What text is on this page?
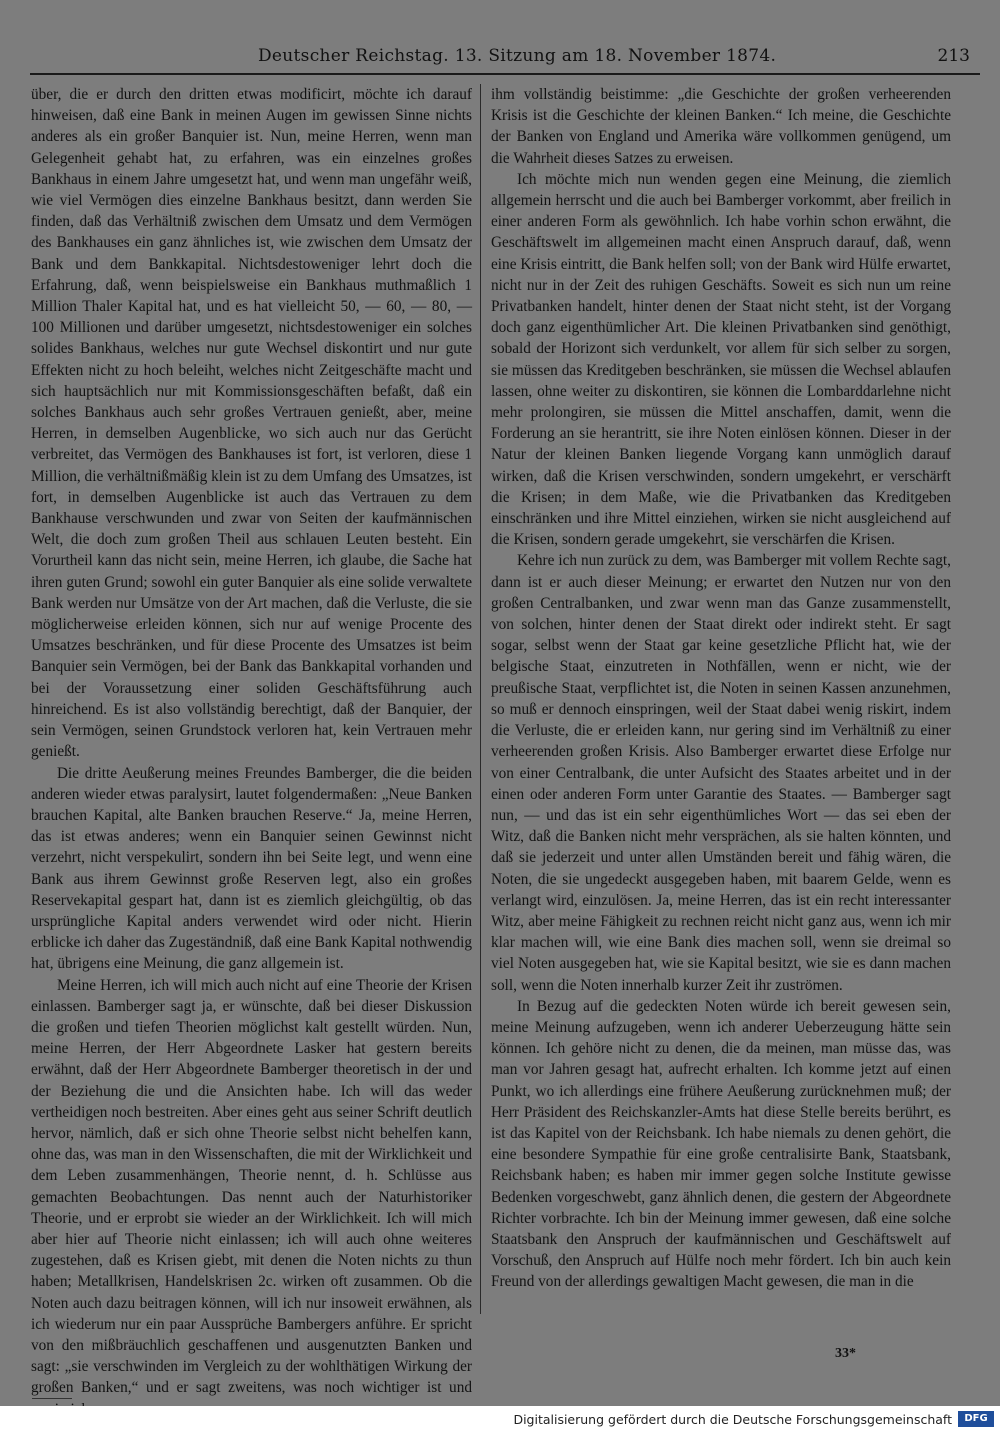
Deutscher Reichstag. 13. Sitzung am 18. November 1874.	213

über, die er durch den dritten etwas modificirt, möchte ich darauf hinweisen, daß eine Bank in meinen Augen im gewissen Sinne nichts anderes als ein großer Banquier ist. Nun, meine Herren, wenn man Gelegenheit gehabt hat, zu erfahren, was ein einzelnes großes Bankhaus in einem Jahre umgesetzt hat, und wenn man ungefähr weiß, wie viel Vermögen dies einzelne Bankhaus besitzt, dann werden Sie finden, daß das Verhältniß zwischen dem Umsatz und dem Vermögen des Bankhauses ein ganz ähnliches ist, wie zwischen dem Umsatz der Bank und dem Bankkapital. Nichtsdestoweniger lehrt doch die Erfahrung, daß, wenn beispielsweise ein Bankhaus muthmaßlich 1 Million Thaler Kapital hat, und es hat vielleicht 50, — 60, — 80, — 100 Millionen und darüber umgesetzt, nichtsdestoweniger ein solches solides Bankhaus, welches nur gute Wechsel diskontirt und nur gute Effekten nicht zu hoch beleiht, welches nicht Zeitgeschäfte macht und sich hauptsächlich nur mit Kommissionsgeschäften befaßt, daß ein solches Bankhaus auch sehr großes Vertrauen genießt, aber, meine Herren, in demselben Augenblicke, wo sich auch nur das Gerücht verbreitet, das Vermögen des Bankhauses ist fort, ist verloren, diese 1 Million, die verhältnißmäßig klein ist zu dem Umfang des Umsatzes, ist fort, in demselben Augenblicke ist auch das Vertrauen zu dem Bankhause verschwunden und zwar von Seiten der kaufmännischen Welt, die doch zum großen Theil aus schlauen Leuten besteht. Ein Vorurtheil kann das nicht sein, meine Herren, ich glaube, die Sache hat ihren guten Grund; sowohl ein guter Banquier als eine solide verwaltete Bank werden nur Umsätze von der Art machen, daß die Verluste, die sie möglicherweise erleiden können, sich nur auf wenige Procente des Umsatzes beschränken, und für diese Procente des Umsatzes ist beim Banquier sein Vermögen, bei der Bank das Bankkapital vorhanden und bei der Voraussetzung einer soliden Geschäftsführung auch hinreichend. Es ist also vollständig berechtigt, daß der Banquier, der sein Vermögen, seinen Grundstock verloren hat, kein Vertrauen mehr genießt.

Die dritte Aeußerung meines Freundes Bamberger, die die beiden anderen wieder etwas paralysirt, lautet folgendermaßen: „Neue Banken brauchen Kapital, alte Banken brauchen Reserve.“ Ja, meine Herren, das ist etwas anderes; wenn ein Banquier seinen Gewinnst nicht verzehrt, nicht verspekulirt, sondern ihn bei Seite legt, und wenn eine Bank aus ihrem Gewinnst große Reserven legt, also ein großes Reservekapital gespart hat, dann ist es ziemlich gleichgültig, ob das ursprüngliche Kapital anders verwendet wird oder nicht. Hierin erblicke ich daher das Zugeständniß, daß eine Bank Kapital nothwendig hat, übrigens eine Meinung, die ganz allgemein ist.

Meine Herren, ich will mich auch nicht auf eine Theorie der Krisen einlassen. Bamberger sagt ja, er wünschte, daß bei dieser Diskussion die großen und tiefen Theorien möglichst kalt gestellt würden. Nun, meine Herren, der Herr Abgeordnete Lasker hat gestern bereits erwähnt, daß der Herr Abgeordnete Bamberger theoretisch in der und der Beziehung die und die Ansichten habe. Ich will das weder vertheidigen noch bestreiten. Aber eines geht aus seiner Schrift deutlich hervor, nämlich, daß er sich ohne Theorie selbst nicht behelfen kann, ohne das, was man in den Wissenschaften, die mit der Wirklichkeit und dem Leben zusammenhängen, Theorie nennt, d. h. Schlüsse aus gemachten Beobachtungen. Das nennt auch der Naturhistoriker Theorie, und er erprobt sie wieder an der Wirklichkeit. Ich will mich aber hier auf Theorie nicht einlassen; ich will auch ohne weiteres zugestehen, daß es Krisen giebt, mit denen die Noten nichts zu thun haben; Metallkrisen, Handelskrisen 2c. wirken oft zusammen. Ob die Noten auch dazu beitragen können, will ich nur insoweit erwähnen, als ich wiederum nur ein paar Aussprüche Bambergers anführe. Er spricht von den mißbräuchlich geschaffenen und ausgenutzten Banken und sagt: „sie verschwinden im Vergleich zu der wohlthätigen Wirkung der großen Banken,“ und er sagt zweitens, was noch wichtiger ist und

ihm vollständig beistimme: „die Geschichte der großen verheerenden Krisis ist die Geschichte der kleinen Banken.“ Ich meine, die Geschichte der Banken von England und Amerika wäre vollkommen genügend, um die Wahrheit dieses Satzes zu erweisen.

Ich möchte mich nun wenden gegen eine Meinung, die ziemlich allgemein herrscht und die auch bei Bamberger vorkommt, aber freilich in einer anderen Form als gewöhnlich. Ich habe vorhin schon erwähnt, die Geschäftswelt im allgemeinen macht einen Anspruch darauf, daß, wenn eine Krisis eintritt, die Bank helfen soll; von der Bank wird Hülfe erwartet, nicht nur in der Zeit des ruhigen Geschäfts. Soweit es sich nun um reine Privatbanken handelt, hinter denen der Staat nicht steht, ist der Vorgang doch ganz eigenthümlicher Art. Die kleinen Privatbanken sind genöthigt, sobald der Horizont sich verdunkelt, vor allem für sich selber zu sorgen, sie müssen das Kreditgeben beschränken, sie müssen die Wechsel ablaufen lassen, ohne weiter zu diskontiren, sie können die Lombarddarlehne nicht mehr prolongiren, sie müssen die Mittel anschaffen, damit, wenn die Forderung an sie herantritt, sie ihre Noten einlösen können. Dieser in der Natur der kleinen Banken liegende Vorgang kann unmöglich darauf wirken, daß die Krisen verschwinden, sondern umgekehrt, er verschärft die Krisen; in dem Maße, wie die Privatbanken das Kreditgeben einschränken und ihre Mittel einziehen, wirken sie nicht ausgleichend auf die Krisen, sondern gerade umgekehrt, sie verschärfen die Krisen.

Kehre ich nun zurück zu dem, was Bamberger mit vollem Rechte sagt, dann ist er auch dieser Meinung; er erwartet den Nutzen nur von den großen Centralbanken, und zwar wenn man das Ganze zusammenstellt, von solchen, hinter denen der Staat direkt oder indirekt steht. Er sagt sogar, selbst wenn der Staat gar keine gesetzliche Pflicht hat, wie der belgische Staat, einzutreten in Nothfällen, wenn er nicht, wie der preußische Staat, verpflichtet ist, die Noten in seinen Kassen anzunehmen, so muß er dennoch einspringen, weil der Staat dabei wenig riskirt, indem die Verluste, die er erleiden kann, nur gering sind im Verhältniß zu einer verheerenden großen Krisis. Also Bamberger erwartet diese Erfolge nur von einer Centralbank, die unter Aufsicht des Staates arbeitet und in der einen oder anderen Form unter Garantie des Staates. — Bamberger sagt nun, — und das ist ein sehr eigenthümliches Wort — das sei eben der Witz, daß die Banken nicht mehr versprächen, als sie halten könnten, und daß sie jederzeit und unter allen Umständen bereit und fähig wären, die Noten, die sie ungedeckt ausgegeben haben, mit baarem Gelde, wenn es verlangt wird, einzulösen. Ja, meine Herren, das ist ein recht interessanter Witz, aber meine Fähigkeit zu rechnen reicht nicht ganz aus, wenn ich mir klar machen will, wie eine Bank dies machen soll, wenn sie dreimal so viel Noten ausgegeben hat, wie sie Kapital besitzt, wie sie es dann machen soll, wenn die Noten innerhalb kurzer Zeit ihr zuströmen.

In Bezug auf die gedeckten Noten würde ich bereit gewesen sein, meine Meinung aufzugeben, wenn ich anderer Ueberzeugung hätte sein können. Ich gehöre nicht zu denen, die da meinen, man müsse das, was man vor Jahren gesagt hat, aufrecht erhalten. Ich komme jetzt auf einen Punkt, wo ich allerdings eine frühere Aeußerung zurücknehmen muß; der Herr Präsident des Reichskanzler-Amts hat diese Stelle bereits berührt, es ist das Kapitel von der Reichsbank. Ich habe niemals zu denen gehört, die eine besondere Sympathie für eine große centralisirte Bank, Staatsbank, Reichsbank haben; es haben mir immer gegen solche Institute gewisse Bedenken vorgeschwebt, ganz ähnlich denen, die gestern der Abgeordnete Richter vorbrachte. Ich bin der Meinung immer gewesen, daß eine solche Staatsbank den Anspruch der kaufmännischen und Geschäftswelt auf Vorschuß, den Anspruch auf Hülfe noch mehr fördert. Ich bin auch kein Freund von der allerdings gewaltigen Macht gewesen, die man in die

33*
Digitalisierung gefördert durch die Deutsche Forschungsgemeinschaft	DFG
